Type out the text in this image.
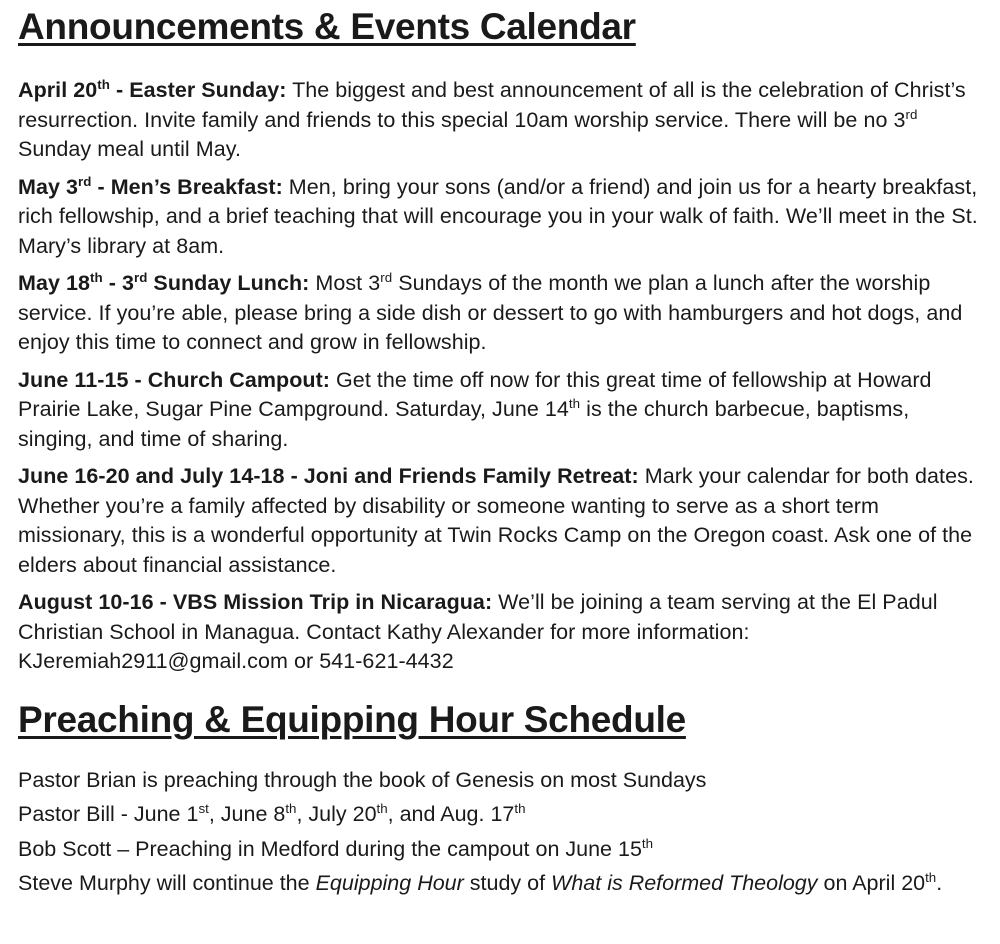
Announcements & Events Calendar

April 20th - Easter Sunday: The biggest and best announcement of all is the celebration of Christ’s resurrection. Invite family and friends to this special 10am worship service. There will be no 3rd Sunday meal until May.

May 3rd - Men’s Breakfast: Men, bring your sons (and/or a friend) and join us for a hearty breakfast, rich fellowship, and a brief teaching that will encourage you in your walk of faith. We’ll meet in the St. Mary’s library at 8am.

May 18th - 3rd Sunday Lunch: Most 3rd Sundays of the month we plan a lunch after the worship service. If you’re able, please bring a side dish or dessert to go with hamburgers and hot dogs, and enjoy this time to connect and grow in fellowship.

June 11-15 - Church Campout: Get the time off now for this great time of fellowship at Howard Prairie Lake, Sugar Pine Campground. Saturday, June 14th is the church barbecue, baptisms, singing, and time of sharing.

June 16-20 and July 14-18 - Joni and Friends Family Retreat: Mark your calendar for both dates. Whether you’re a family affected by disability or someone wanting to serve as a short term missionary, this is a wonderful opportunity at Twin Rocks Camp on the Oregon coast. Ask one of the elders about financial assistance.

August 10-16 - VBS Mission Trip in Nicaragua: We’ll be joining a team serving at the El Padul Christian School in Managua. Contact Kathy Alexander for more information: KJeremiah2911@gmail.com or 541-621-4432

Preaching & Equipping Hour Schedule

Pastor Brian is preaching through the book of Genesis on most Sundays

Pastor Bill - June 1st, June 8th, July 20th, and Aug. 17th

Bob Scott – Preaching in Medford during the campout on June 15th

Steve Murphy will continue the Equipping Hour study of What is Reformed Theology on April 20th.
